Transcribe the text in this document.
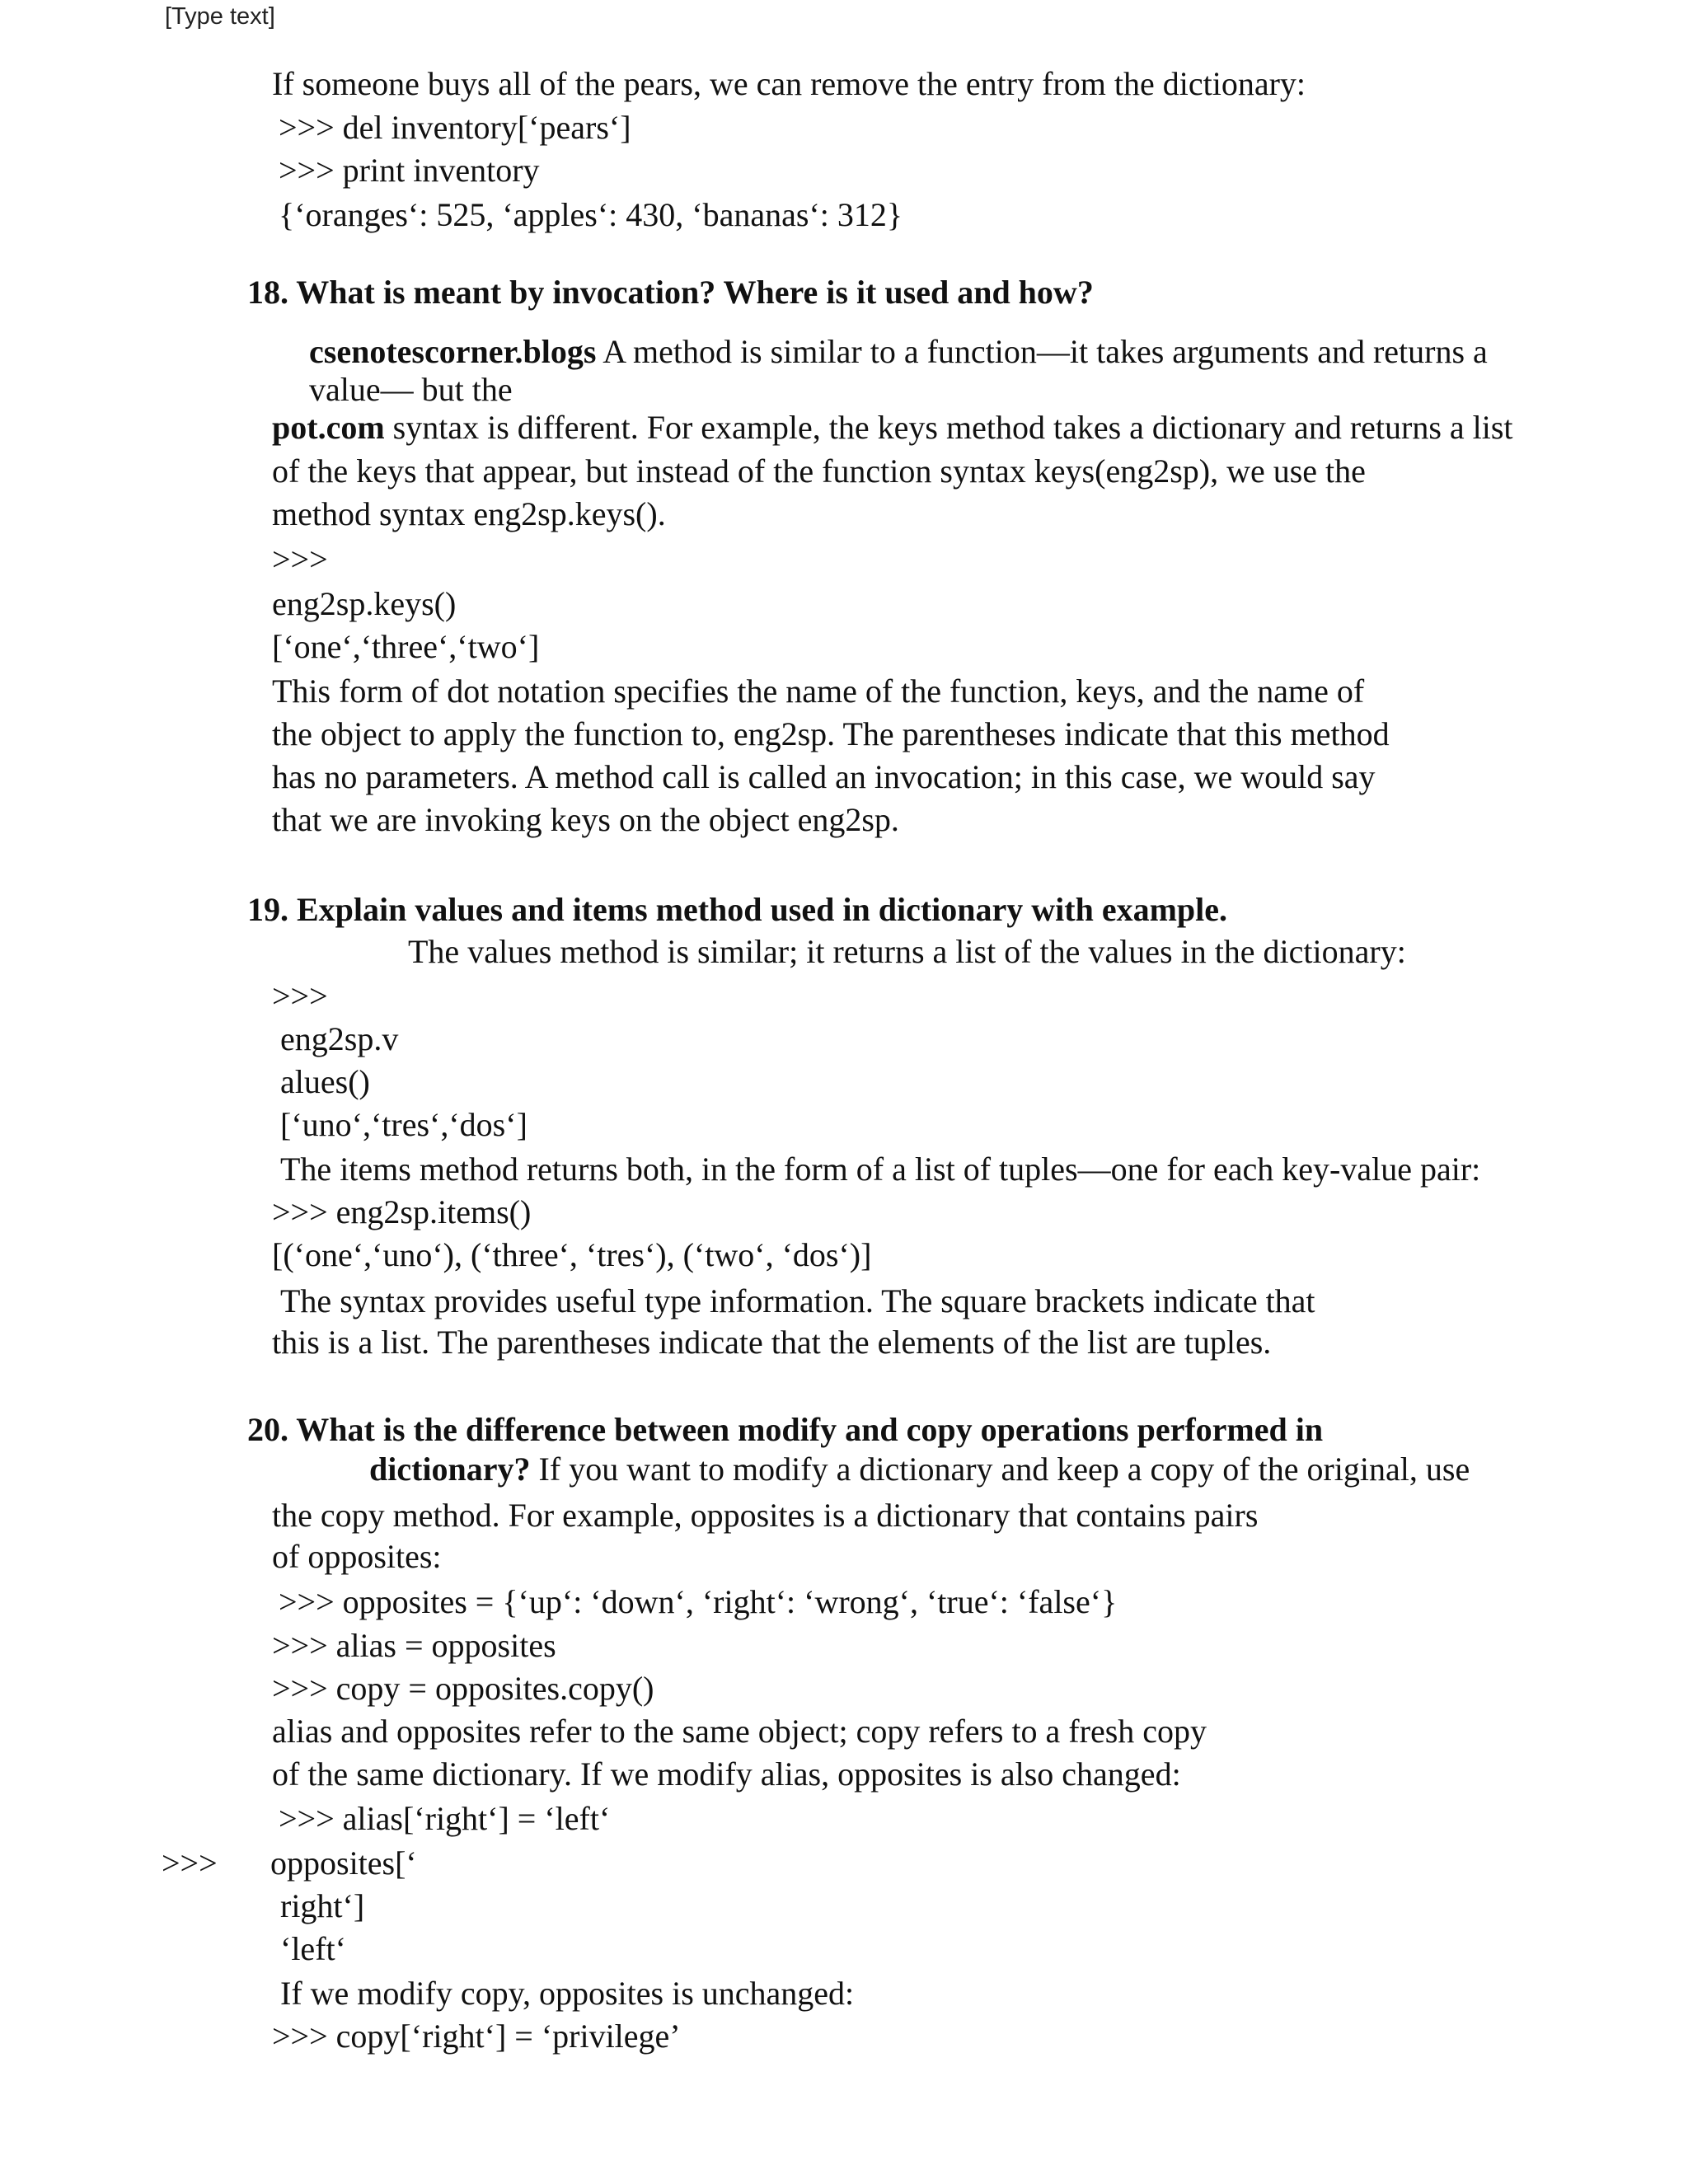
[Type text]
If someone buys all of the pears, we can remove the entry from the dictionary:
>>> del inventory[‘pears‘]
>>> print inventory
{‘oranges‘: 525, ‘apples‘: 430, ‘bananas‘: 312}
18. What is meant by invocation? Where is it used and how?
csenotescorner.blogs A method is similar to a function—it takes arguments and returns a
value— but the
pot.com syntax is different. For example, the keys method takes a dictionary and returns a list
of the keys that appear, but instead of the function syntax keys(eng2sp), we use the
method syntax eng2sp.keys().
>>>
eng2sp.keys()
[‘one‘,‘three‘,‘two‘]
This form of dot notation specifies the name of the function, keys, and the name of
the object to apply the function to, eng2sp. The parentheses indicate that this method
has no parameters. A method call is called an invocation; in this case, we would say
that we are invoking keys on the object eng2sp.
19. Explain values and items method used in dictionary with example.
The values method is similar; it returns a list of the values in the dictionary:
>>>
eng2sp.v
alues()
[‘uno‘,‘tres‘,‘dos‘]
The items method returns both, in the form of a list of tuples—one for each key-value pair:
>>> eng2sp.items()
[(‘one‘,‘uno‘), (‘three‘, ‘tres‘), (‘two‘, ‘dos‘)]
The syntax provides useful type information. The square brackets indicate that
this is a list. The parentheses indicate that the elements of the list are tuples.
20. What is the difference between modify and copy operations performed in
dictionary? If you want to modify a dictionary and keep a copy of the original, use
the copy method. For example, opposites is a dictionary that contains pairs
of opposites:
>>> opposites = {‘up‘: ‘down‘, ‘right‘: ‘wrong‘, ‘true‘: ‘false‘}
>>> alias = opposites
>>> copy = opposites.copy()
alias and opposites refer to the same object; copy refers to a fresh copy
of the same dictionary. If we modify alias, opposites is also changed:
>>> alias[‘right‘] = ‘left‘
>>> opposites[‘
right‘]
‘left‘
If we modify copy, opposites is unchanged:
>>> copy[‘right‘] = ‘privilege’
